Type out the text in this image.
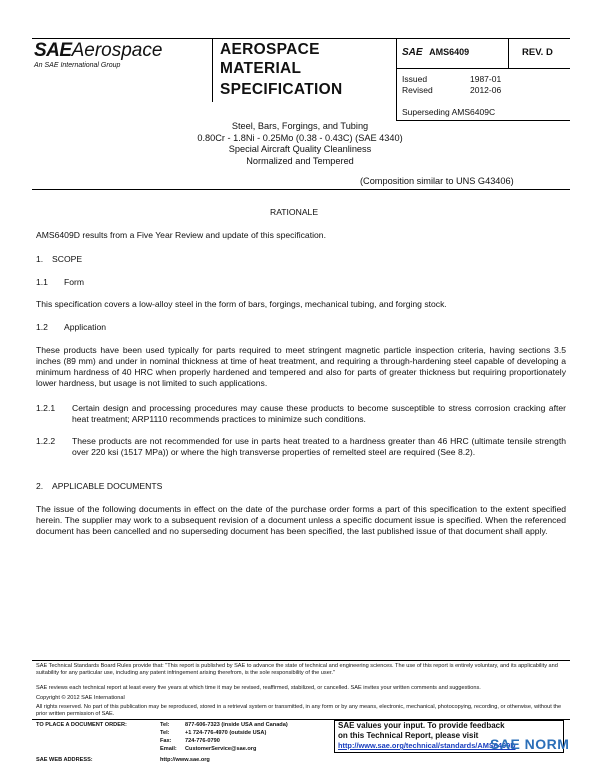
SAEAerospace
An SAE International Group
AEROSPACE
MATERIAL
SPECIFICATION
SAE AMS6409	REV. D
Issued	1987-01
Revised	2012-06
Superseding AMS6409C
Steel, Bars, Forgings, and Tubing
0.80Cr - 1.8Ni - 0.25Mo (0.38 - 0.43C) (SAE 4340)
Special Aircraft Quality Cleanliness
Normalized and Tempered
(Composition similar to UNS G43406)
RATIONALE
AMS6409D results from a Five Year Review and update of this specification.
1. SCOPE
1.1 Form
This specification covers a low-alloy steel in the form of bars, forgings, mechanical tubing, and forging stock.
1.2 Application
These products have been used typically for parts required to meet stringent magnetic particle inspection criteria, having sections 3.5 inches (89 mm) and under in nominal thickness at time of heat treatment, and requiring a through-hardening steel capable of developing a minimum hardness of 40 HRC when properly hardened and tempered and also for parts of greater thickness but requiring proportionately lower hardness, but usage is not limited to such applications.
1.2.1 Certain design and processing procedures may cause these products to become susceptible to stress corrosion cracking after heat treatment; ARP1110 recommends practices to minimize such conditions.
1.2.2 These products are not recommended for use in parts heat treated to a hardness greater than 46 HRC (ultimate tensile strength over 220 ksi (1517 MPa)) or where the high transverse properties of remelted steel are required (See 8.2).
2. APPLICABLE DOCUMENTS
The issue of the following documents in effect on the date of the purchase order forms a part of this specification to the extent specified herein. The supplier may work to a subsequent revision of a document unless a specific document issue is specified. When the referenced document has been cancelled and no superseding document has been specified, the last published issue of that document shall apply.
SAE Technical Standards Board Rules provide that: "This report is published by SAE to advance the state of technical and engineering sciences. The use of this report is entirely voluntary, and its applicability and suitability for any particular use, including any patent infringement arising therefrom, is the sole responsibility of the user."
SAE reviews each technical report at least every five years at which time it may be revised, reaffirmed, stabilized, or cancelled. SAE invites your written comments and suggestions.
Copyright © 2012 SAE International
All rights reserved. No part of this publication may be reproduced, stored in a retrieval system or transmitted, in any form or by any means, electronic, mechanical, photocopying, recording, or otherwise, without the prior written permission of SAE.
TO PLACE A DOCUMENT ORDER:	Tel:	877-606-7323 (inside USA and Canada)
Tel:	+1 724-776-4970 (outside USA)
Fax: 724-776-0790
Email: CustomerService@sae.org
SAE WEB ADDRESS:	http://www.sae.org
SAE values your input. To provide feedback
on this Technical Report, please visit
http://www.sae.org/technical/standards/AMS6409D
SAE NORM
